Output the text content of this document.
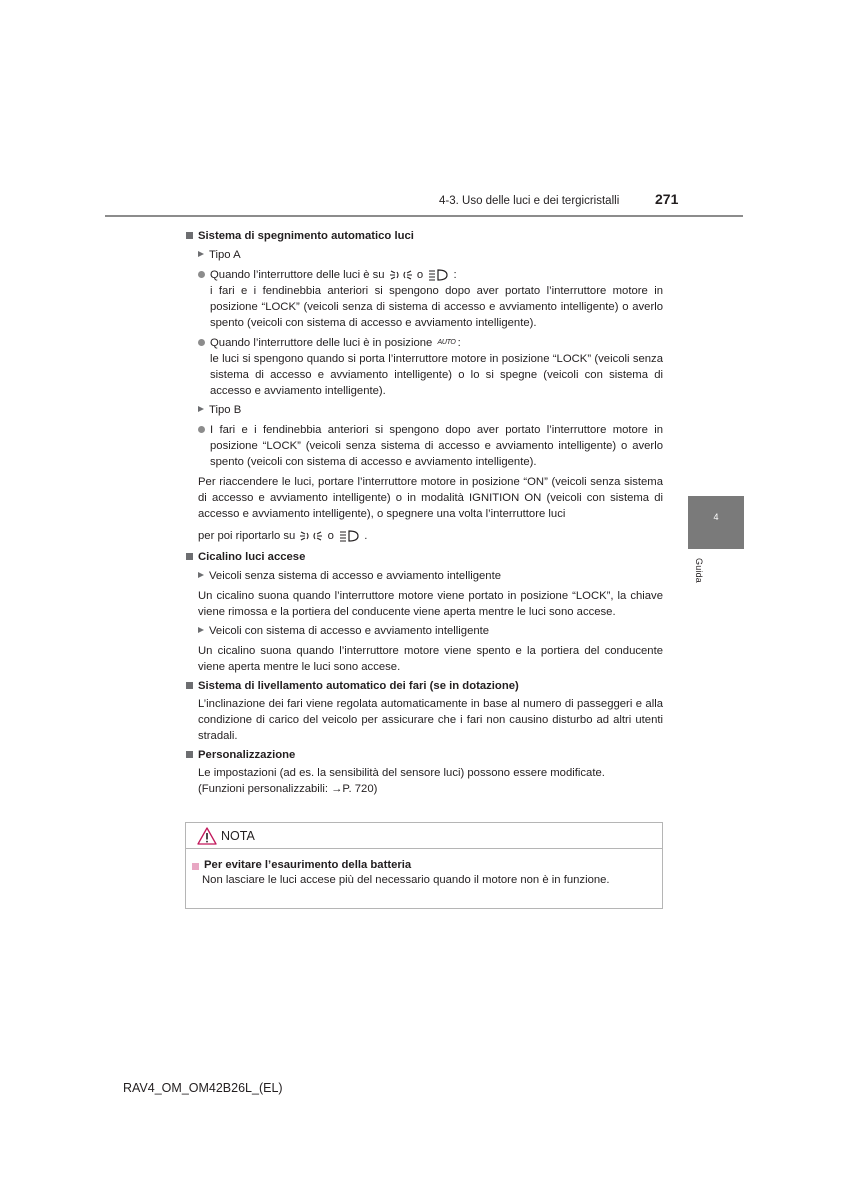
4-3. Uso delle luci e dei tergicristalli	271
4
Guida
Sistema di spegnimento automatico luci
Tipo A
Quando l’interruttore delle luci è su	o	:
i fari e i fendinebbia anteriori si spengono dopo aver portato l’interruttore motore in posizione “LOCK” (veicoli senza di sistema di accesso e avviamento intelligente) o averlo spento (veicoli con sistema di accesso e avviamento intelligente).
Quando l’interruttore delle luci è in posizione AUTO :
le luci si spengono quando si porta l’interruttore motore in posizione “LOCK” (veicoli senza sistema di accesso e avviamento intelligente) o lo si spegne (veicoli con sistema di accesso e avviamento intelligente).
Tipo B
I fari e i fendinebbia anteriori si spengono dopo aver portato l’interruttore motore in posizione “LOCK” (veicoli senza sistema di accesso e avviamento intelligente) o averlo spento (veicoli con sistema di accesso e avviamento intelligente).
Per riaccendere le luci, portare l’interruttore motore in posizione “ON” (veicoli senza sistema di accesso e avviamento intelligente) o in modalità IGNITION ON (veicoli con sistema di accesso e avviamento intelligente), o spegnere una volta l’interruttore luci
per poi riportarlo su	o	.
Cicalino luci accese
Veicoli senza sistema di accesso e avviamento intelligente
Un cicalino suona quando l’interruttore motore viene portato in posizione “LOCK”, la chiave viene rimossa e la portiera del conducente viene aperta mentre le luci sono accese.
Veicoli con sistema di accesso e avviamento intelligente
Un cicalino suona quando l’interruttore motore viene spento e la portiera del conducente viene aperta mentre le luci sono accese.
Sistema di livellamento automatico dei fari (se in dotazione)
L’inclinazione dei fari viene regolata automaticamente in base al numero di passeggeri e alla condizione di carico del veicolo per assicurare che i fari non causino disturbo ad altri utenti stradali.
Personalizzazione
Le impostazioni (ad es. la sensibilità del sensore luci) possono essere modificate.
(Funzioni personalizzabili: →P. 720)
NOTA
Per evitare l’esaurimento della batteria
Non lasciare le luci accese più del necessario quando il motore non è in funzione.
RAV4_OM_OM42B26L_(EL)
